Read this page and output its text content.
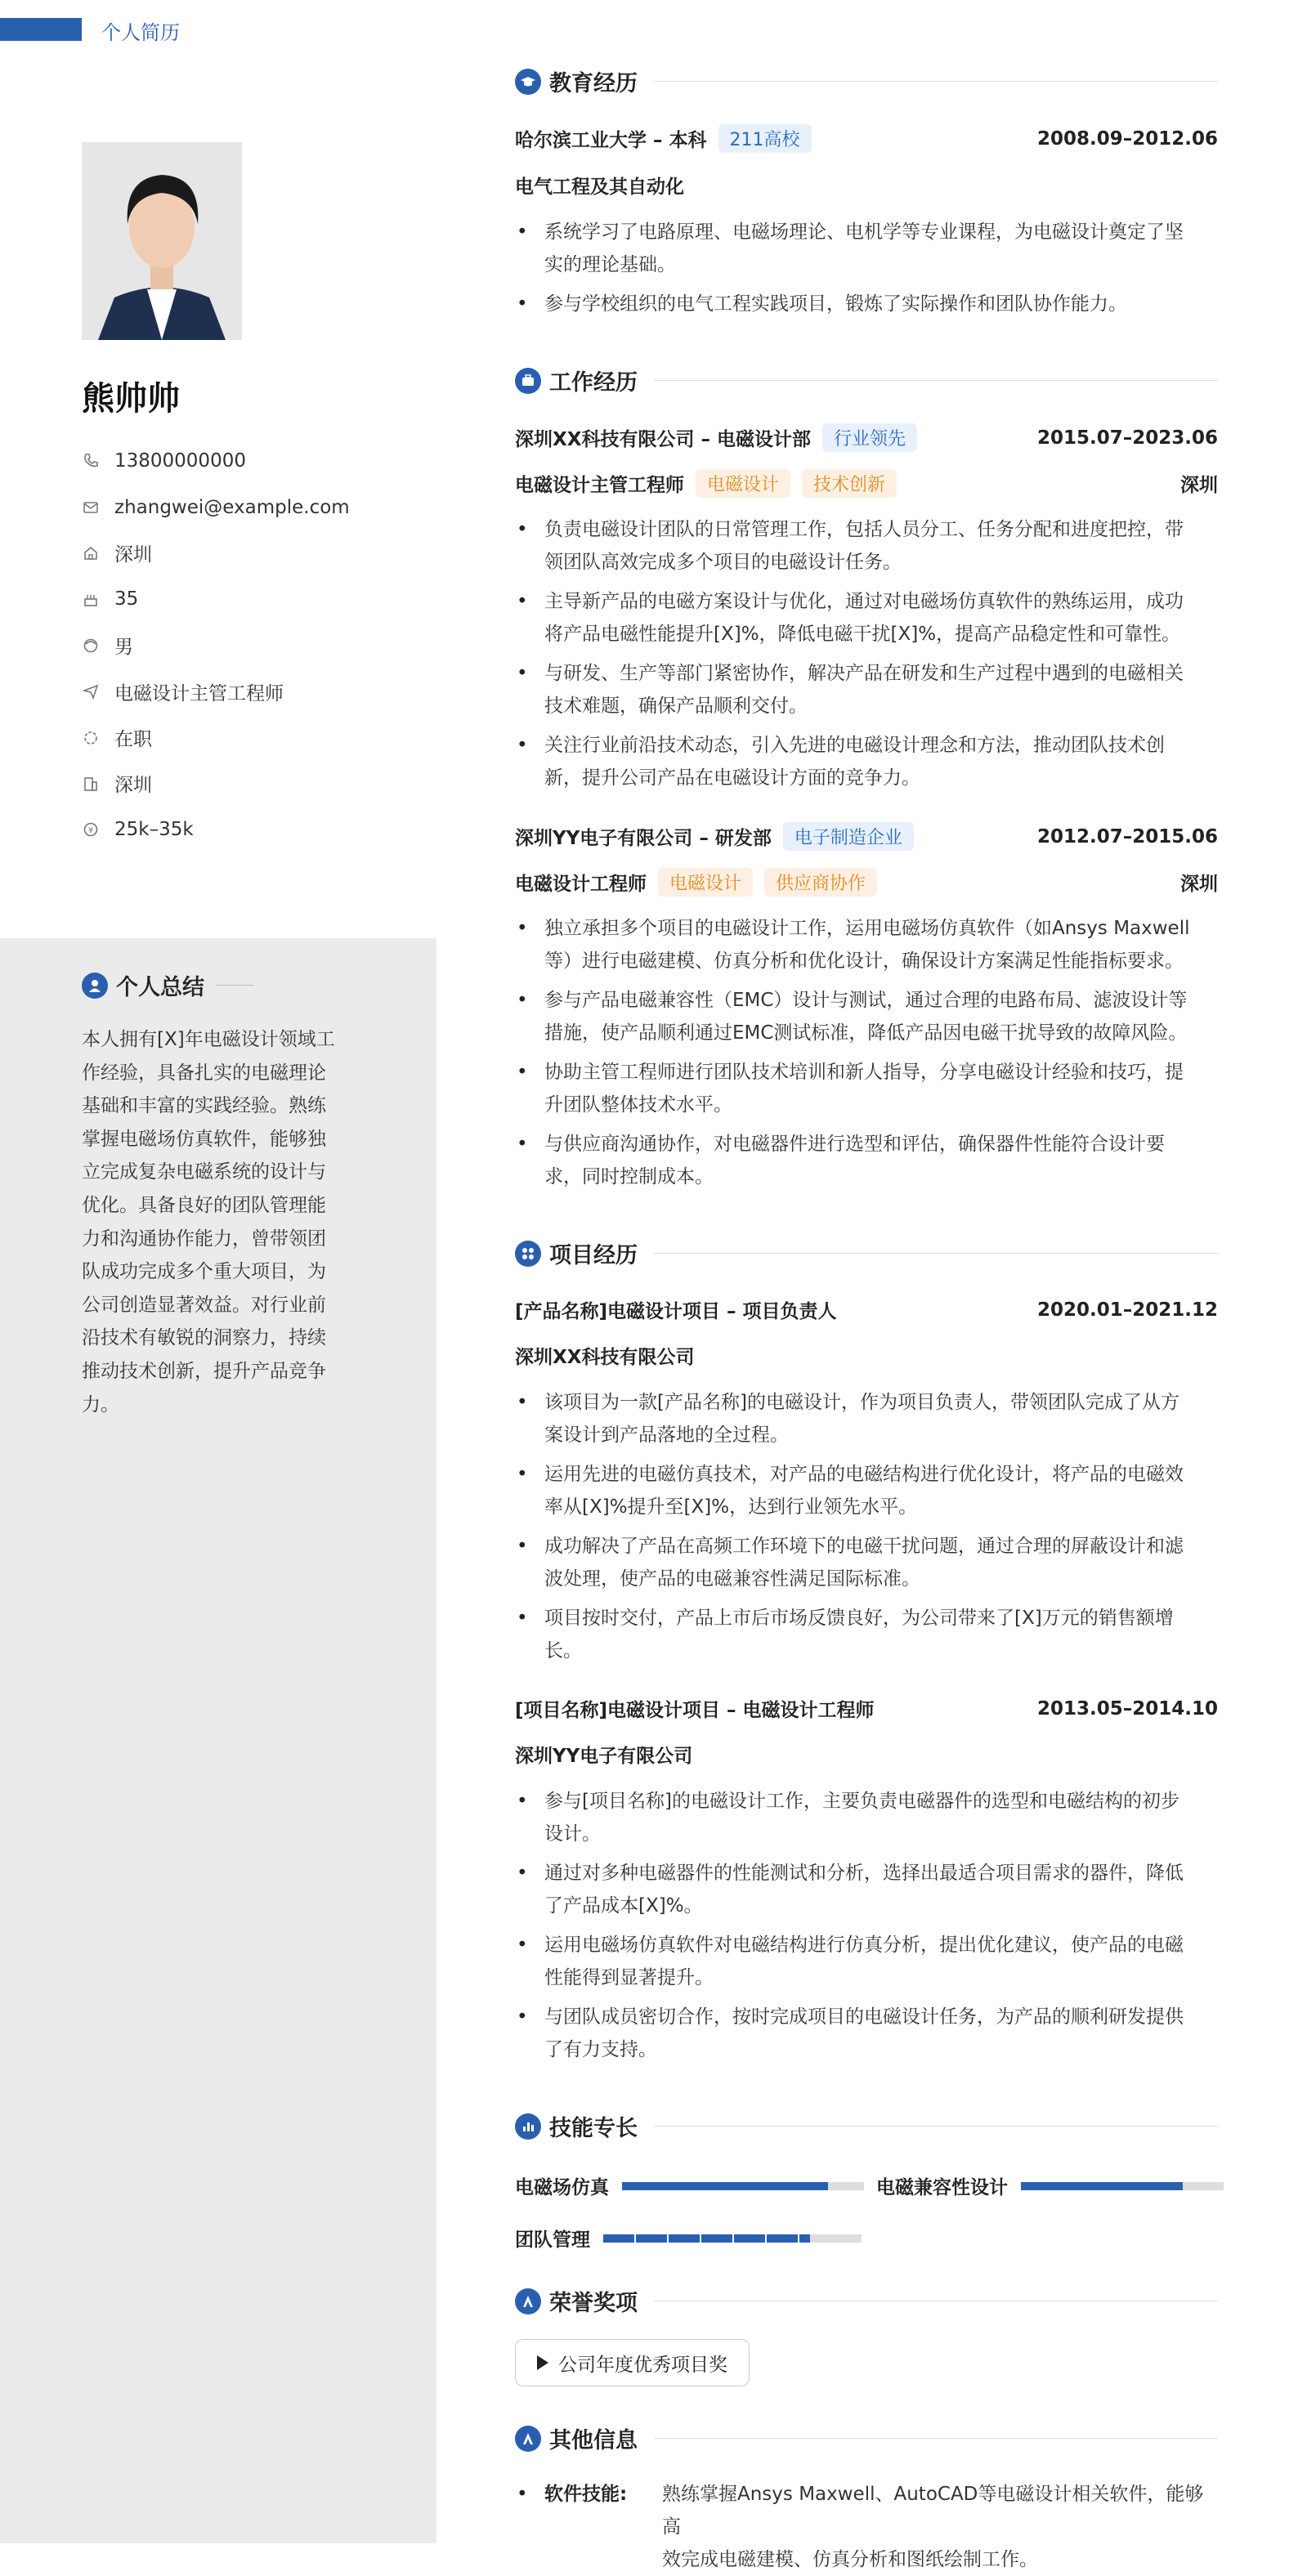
个人简历
熊帅帅
13800000000
zhangwei@example.com
深圳
35
男
电磁设计主管工程师
在职
深圳
¥ 25k–35k
个人总结
本人拥有[X]年电磁设计领域工
作经验，具备扎实的电磁理论
基础和丰富的实践经验。熟练
掌握电磁场仿真软件，能够独
立完成复杂电磁系统的设计与
优化。具备良好的团队管理能
力和沟通协作能力，曾带领团
队成功完成多个重大项目，为
公司创造显著效益。对行业前
沿技术有敏锐的洞察力，持续
推动技术创新，提升产品竞争
力。
教育经历
哈尔滨工业大学 – 本科	211高校	2008.09–2012.06
电气工程及其自动化
• 系统学习了电路原理、电磁场理论、电机学等专业课程，为电磁设计奠定了坚
实的理论基础。
• 参与学校组织的电气工程实践项目，锻炼了实际操作和团队协作能力。
工作经历
深圳XX科技有限公司 – 电磁设计部	行业领先	2015.07–2023.06
电磁设计主管工程师	电磁设计	技术创新	深圳
• 负责电磁设计团队的日常管理工作，包括人员分工、任务分配和进度把控，带
领团队高效完成多个项目的电磁设计任务。
• 主导新产品的电磁方案设计与优化，通过对电磁场仿真软件的熟练运用，成功
将产品电磁性能提升[X]%，降低电磁干扰[X]%，提高产品稳定性和可靠性。
• 与研发、生产等部门紧密协作，解决产品在研发和生产过程中遇到的电磁相关
技术难题，确保产品顺利交付。
• 关注行业前沿技术动态，引入先进的电磁设计理念和方法，推动团队技术创
新，提升公司产品在电磁设计方面的竞争力。
深圳YY电子有限公司 – 研发部	电子制造企业	2012.07–2015.06
电磁设计工程师	电磁设计	供应商协作	深圳
• 独立承担多个项目的电磁设计工作，运用电磁场仿真软件（如Ansys Maxwell
等）进行电磁建模、仿真分析和优化设计，确保设计方案满足性能指标要求。
• 参与产品电磁兼容性（EMC）设计与测试，通过合理的电路布局、滤波设计等
措施，使产品顺利通过EMC测试标准，降低产品因电磁干扰导致的故障风险。
• 协助主管工程师进行团队技术培训和新人指导，分享电磁设计经验和技巧，提
升团队整体技术水平。
• 与供应商沟通协作，对电磁器件进行选型和评估，确保器件性能符合设计要
求，同时控制成本。
项目经历
[产品名称]电磁设计项目 – 项目负责人	2020.01–2021.12
深圳XX科技有限公司
• 该项目为一款[产品名称]的电磁设计，作为项目负责人，带领团队完成了从方
案设计到产品落地的全过程。
• 运用先进的电磁仿真技术，对产品的电磁结构进行优化设计，将产品的电磁效
率从[X]%提升至[X]%，达到行业领先水平。
• 成功解决了产品在高频工作环境下的电磁干扰问题，通过合理的屏蔽设计和滤
波处理，使产品的电磁兼容性满足国际标准。
• 项目按时交付，产品上市后市场反馈良好，为公司带来了[X]万元的销售额增
长。
[项目名称]电磁设计项目 – 电磁设计工程师	2013.05–2014.10
深圳YY电子有限公司
• 参与[项目名称]的电磁设计工作，主要负责电磁器件的选型和电磁结构的初步
设计。
• 通过对多种电磁器件的性能测试和分析，选择出最适合项目需求的器件，降低
了产品成本[X]%。
• 运用电磁场仿真软件对电磁结构进行仿真分析，提出优化建议，使产品的电磁
性能得到显著提升。
• 与团队成员密切合作，按时完成项目的电磁设计任务，为产品的顺利研发提供
了有力支持。
技能专长
电磁场仿真	电磁兼容性设计
团队管理
荣誉奖项
公司年度优秀项目奖
其他信息
• 软件技能:	熟练掌握Ansys Maxwell、AutoCAD等电磁设计相关软件，能够高
效完成电磁建模、仿真分析和图纸绘制工作。
